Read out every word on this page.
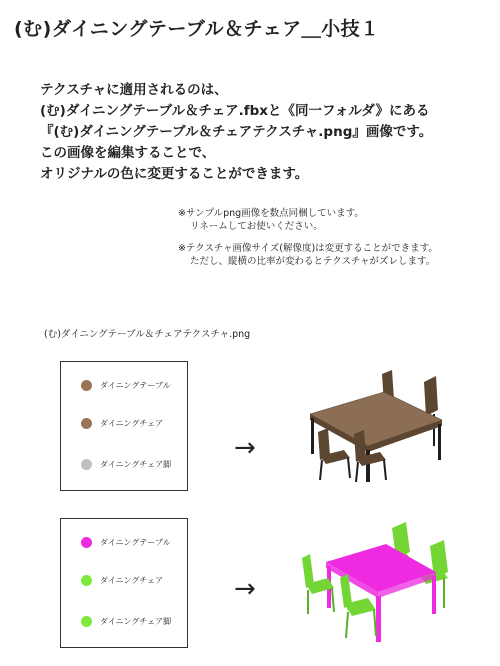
(む)ダイニングテーブル＆チェア＿小技１
テクスチャに適用されるのは、
(む)ダイニングテーブル＆チェア.fbxと《同一フォルダ》にある
『(む)ダイニングテーブル＆チェアテクスチャ.png』画像です。
この画像を編集することで、
オリジナルの色に変更することができます。
※サンプルpng画像を数点同梱しています。
リネームしてお使いください。
※テクスチャ画像サイズ(解像度)は変更することができます。
ただし、縦横の比率が変わるとテクスチャがズレします。
(む)ダイニングテーブル＆チェアテクスチャ.png
ダイニングテーブル
ダイニングチェア
ダイニングチェア脚
→
ダイニングテーブル
ダイニングチェア
ダイニングチェア脚
→
